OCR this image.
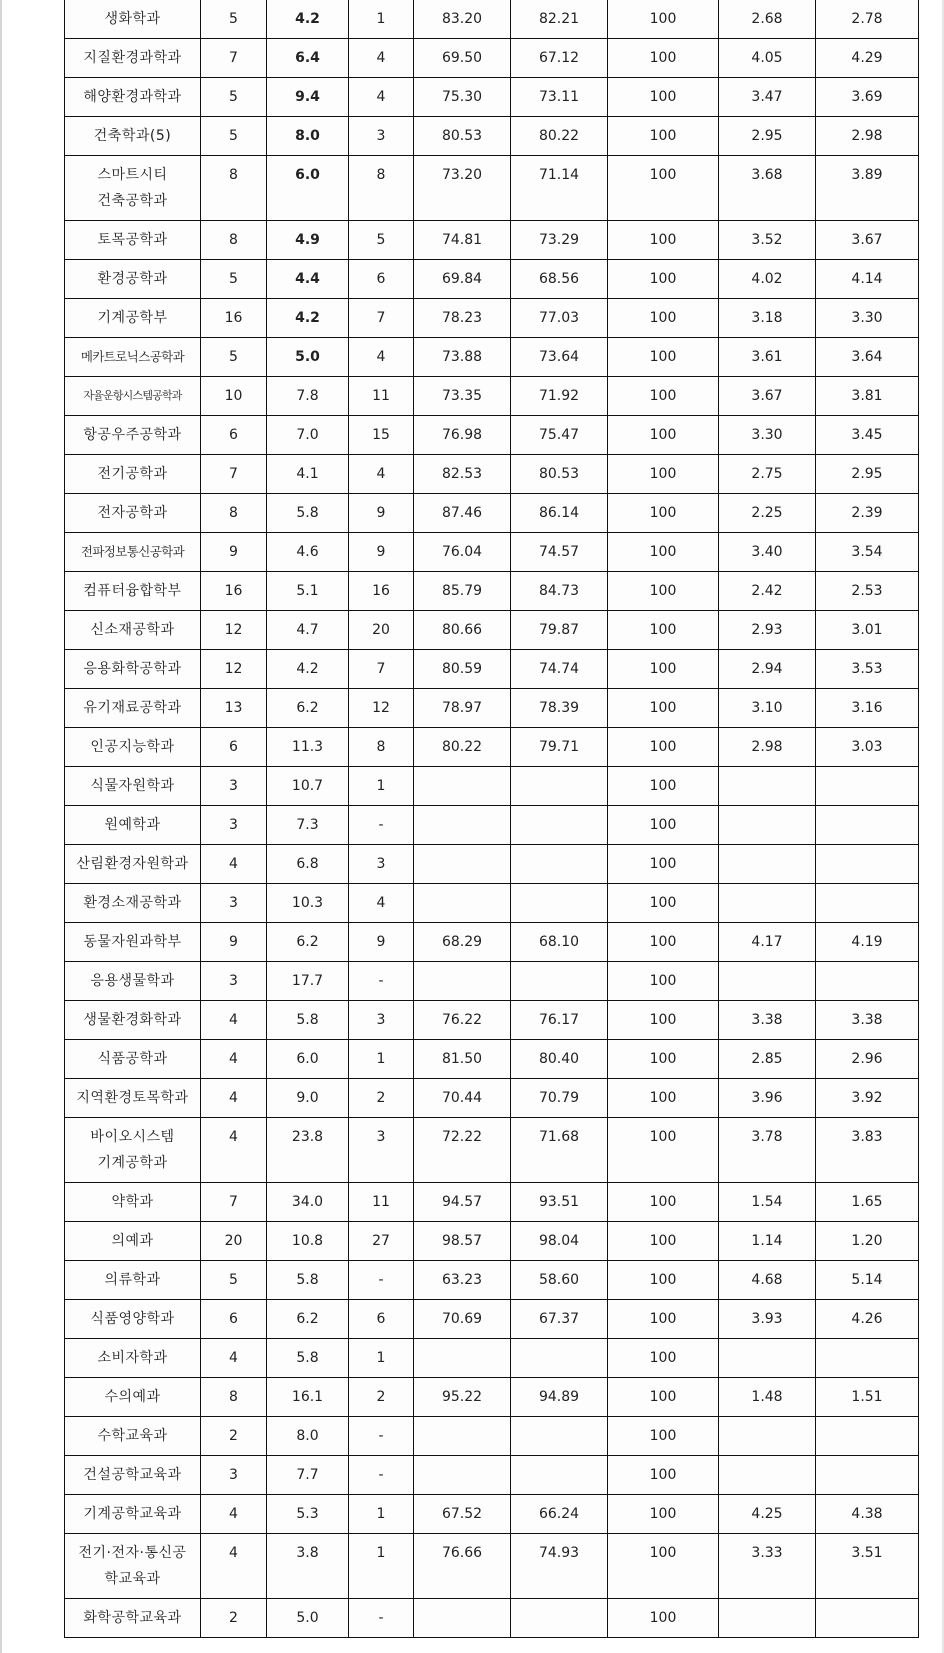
생화학과	5	4.2	1	83.20	82.21	100	2.68	2.78
지질환경과학과	7	6.4	4	69.50	67.12	100	4.05	4.29
해양환경과학과	5	9.4	4	75.30	73.11	100	3.47	3.69
건축학과(5)	5	8.0	3	80.53	80.22	100	2.95	2.98
스마트시티 건축공학과	8	6.0	8	73.20	71.14	100	3.68	3.89
토목공학과	8	4.9	5	74.81	73.29	100	3.52	3.67
환경공학과	5	4.4	6	69.84	68.56	100	4.02	4.14
기계공학부	16	4.2	7	78.23	77.03	100	3.18	3.30
메카트로닉스공학과	5	5.0	4	73.88	73.64	100	3.61	3.64
자율운항시스템공학과	10	7.8	11	73.35	71.92	100	3.67	3.81
항공우주공학과	6	7.0	15	76.98	75.47	100	3.30	3.45
전기공학과	7	4.1	4	82.53	80.53	100	2.75	2.95
전자공학과	8	5.8	9	87.46	86.14	100	2.25	2.39
전파정보통신공학과	9	4.6	9	76.04	74.57	100	3.40	3.54
컴퓨터융합학부	16	5.1	16	85.79	84.73	100	2.42	2.53
신소재공학과	12	4.7	20	80.66	79.87	100	2.93	3.01
응용화학공학과	12	4.2	7	80.59	74.74	100	2.94	3.53
유기재료공학과	13	6.2	12	78.97	78.39	100	3.10	3.16
인공지능학과	6	11.3	8	80.22	79.71	100	2.98	3.03
식물자원학과	3	10.7	1			100		
원예학과	3	7.3	-			100		
산림환경자원학과	4	6.8	3			100		
환경소재공학과	3	10.3	4			100		
동물자원과학부	9	6.2	9	68.29	68.10	100	4.17	4.19
응용생물학과	3	17.7	-			100		
생물환경화학과	4	5.8	3	76.22	76.17	100	3.38	3.38
식품공학과	4	6.0	1	81.50	80.40	100	2.85	2.96
지역환경토목학과	4	9.0	2	70.44	70.79	100	3.96	3.92
바이오시스템 기계공학과	4	23.8	3	72.22	71.68	100	3.78	3.83
약학과	7	34.0	11	94.57	93.51	100	1.54	1.65
의예과	20	10.8	27	98.57	98.04	100	1.14	1.20
의류학과	5	5.8	-	63.23	58.60	100	4.68	5.14
식품영양학과	6	6.2	6	70.69	67.37	100	3.93	4.26
소비자학과	4	5.8	1			100		
수의예과	8	16.1	2	95.22	94.89	100	1.48	1.51
수학교육과	2	8.0	-			100		
건설공학교육과	3	7.7	-			100		
기계공학교육과	4	5.3	1	67.52	66.24	100	4.25	4.38
전기·전자·통신공 학교육과	4	3.8	1	76.66	74.93	100	3.33	3.51
화학공학교육과	2	5.0	-			100		
